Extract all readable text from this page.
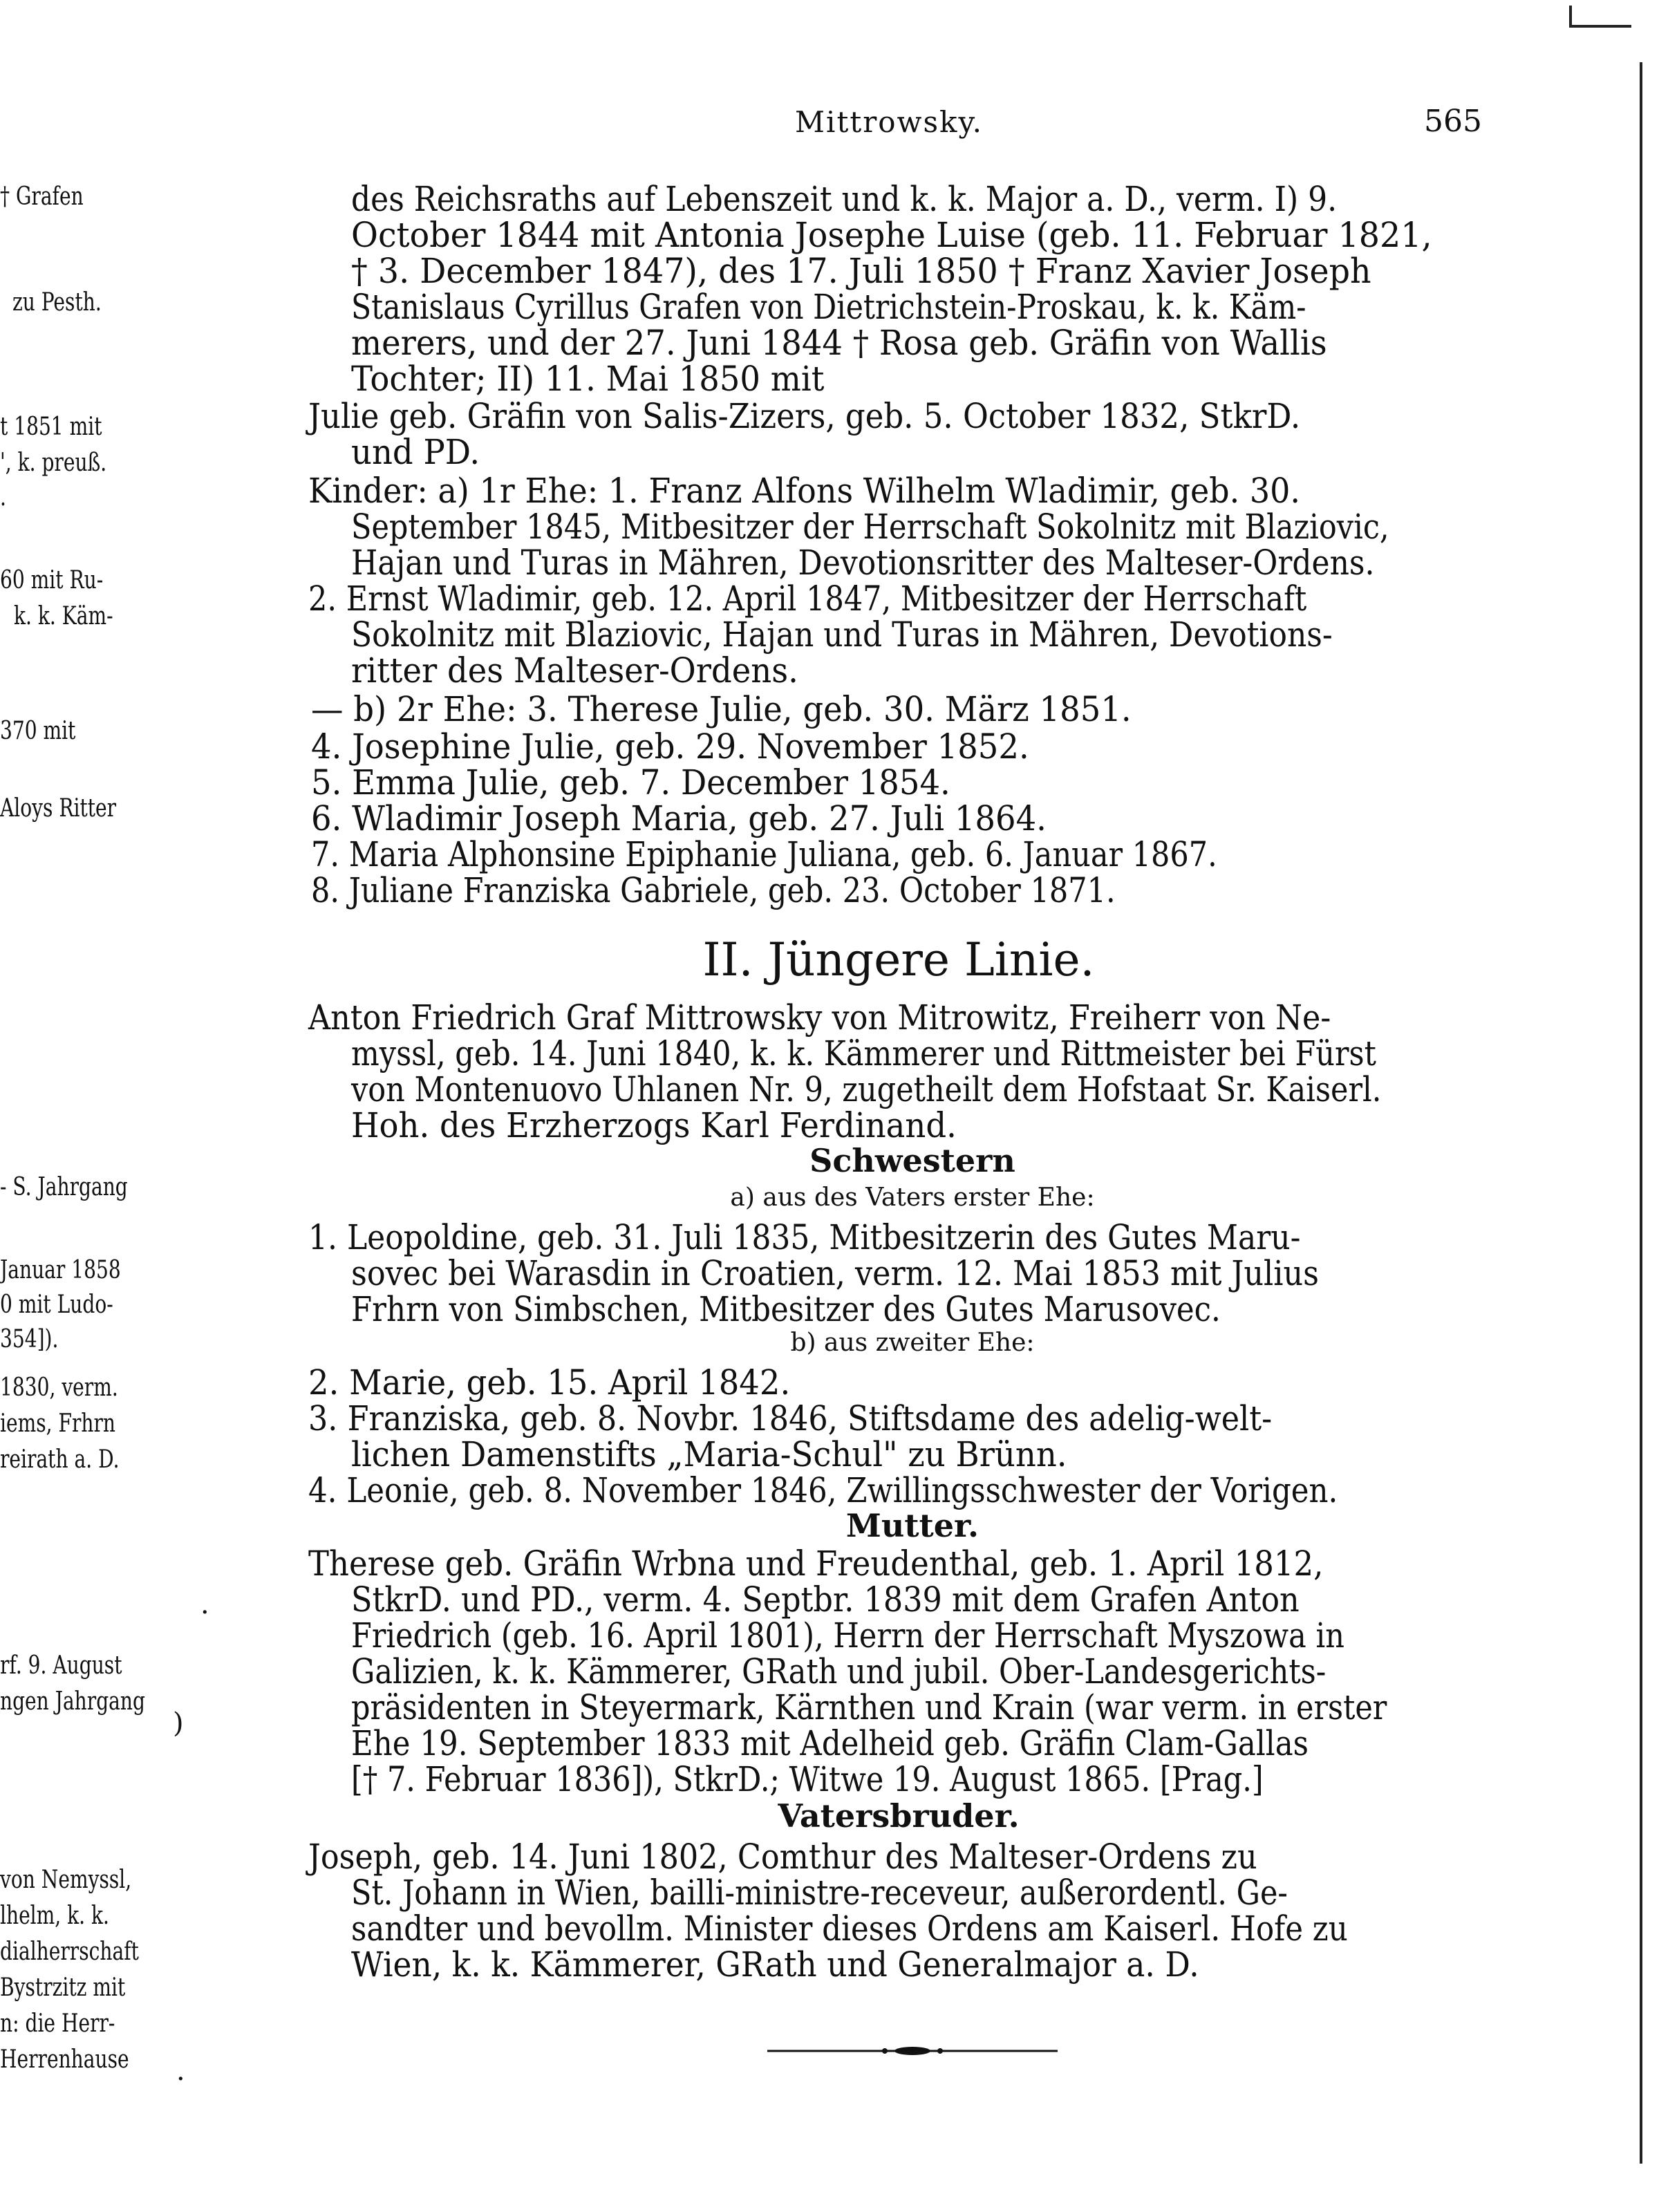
† Grafen
zu Pesth.
t 1851 mit
', k. preuß.
.
60 mit Ru-
k. k. Käm-
370 mit
Aloys Ritter
- S. Jahrgang
Januar 1858
0 mit Ludo-
354]).
1830, verm.
iems, Frhrn
reirath a. D.
rf. 9. August
ngen Jahrgang
von Nemyssl,
lhelm, k. k.
dialherrschaft
Bystrzitz mit
n: die Herr-
Herrenhause
·
)
·
Mittrowsky.	565
des Reichsraths auf Lebenszeit und k. k. Major a. D., verm. I) 9.
October 1844 mit Antonia Josephe Luise (geb. 11. Februar 1821,
† 3. December 1847), des 17. Juli 1850 † Franz Xavier Joseph
Stanislaus Cyrillus Grafen von Dietrichstein-Proskau, k. k. Käm-
merers, und der 27. Juni 1844 † Rosa geb. Gräfin von Wallis
Tochter; II) 11. Mai 1850 mit
Julie geb. Gräfin von Salis-Zizers, geb. 5. October 1832, StkrD.
und PD.
Kinder: a) 1r Ehe: 1. Franz Alfons Wilhelm Wladimir, geb. 30.
September 1845, Mitbesitzer der Herrschaft Sokolnitz mit Blaziovic,
Hajan und Turas in Mähren, Devotionsritter des Malteser-Ordens.
2. Ernst Wladimir, geb. 12. April 1847, Mitbesitzer der Herrschaft
Sokolnitz mit Blaziovic, Hajan und Turas in Mähren, Devotions-
ritter des Malteser-Ordens.
— b) 2r Ehe: 3. Therese Julie, geb. 30. März 1851.
4. Josephine Julie, geb. 29. November 1852.
5. Emma Julie, geb. 7. December 1854.
6. Wladimir Joseph Maria, geb. 27. Juli 1864.
7. Maria Alphonsine Epiphanie Juliana, geb. 6. Januar 1867.
8. Juliane Franziska Gabriele, geb. 23. October 1871.
II. Jüngere Linie.
Anton Friedrich Graf Mittrowsky von Mitrowitz, Freiherr von Ne-
myssl, geb. 14. Juni 1840, k. k. Kämmerer und Rittmeister bei Fürst
von Montenuovo Uhlanen Nr. 9, zugetheilt dem Hofstaat Sr. Kaiserl.
Hoh. des Erzherzogs Karl Ferdinand.
Schwestern
a) aus des Vaters erster Ehe:
1. Leopoldine, geb. 31. Juli 1835, Mitbesitzerin des Gutes Maru-
sovec bei Warasdin in Croatien, verm. 12. Mai 1853 mit Julius
Frhrn von Simbschen, Mitbesitzer des Gutes Marusovec.
b) aus zweiter Ehe:
2. Marie, geb. 15. April 1842.
3. Franziska, geb. 8. Novbr. 1846, Stiftsdame des adelig-welt-
lichen Damenstifts „Maria-Schul" zu Brünn.
4. Leonie, geb. 8. November 1846, Zwillingsschwester der Vorigen.
Mutter.
Therese geb. Gräfin Wrbna und Freudenthal, geb. 1. April 1812,
StkrD. und PD., verm. 4. Septbr. 1839 mit dem Grafen Anton
Friedrich (geb. 16. April 1801), Herrn der Herrschaft Myszowa in
Galizien, k. k. Kämmerer, GRath und jubil. Ober-Landesgerichts-
präsidenten in Steyermark, Kärnthen und Krain (war verm. in erster
Ehe 19. September 1833 mit Adelheid geb. Gräfin Clam-Gallas
[† 7. Februar 1836]), StkrD.; Witwe 19. August 1865. [Prag.]
Vatersbruder.
Joseph, geb. 14. Juni 1802, Comthur des Malteser-Ordens zu
St. Johann in Wien, bailli-ministre-receveur, außerordentl. Ge-
sandter und bevollm. Minister dieses Ordens am Kaiserl. Hofe zu
Wien, k. k. Kämmerer, GRath und Generalmajor a. D.
